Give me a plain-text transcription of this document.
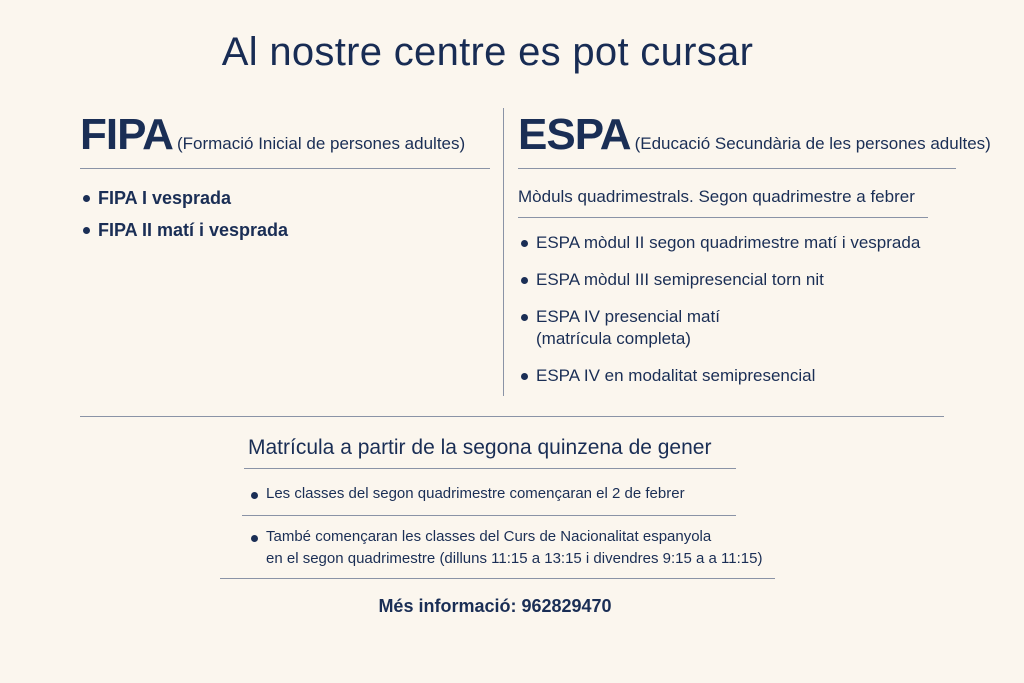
Al nostre centre es pot cursar
FIPA (Formació Inicial de persones adultes)
FIPA I vesprada
FIPA II matí i vesprada
ESPA (Educació Secundària de les persones adultes)
Mòduls quadrimestrals. Segon quadrimestre a febrer
ESPA mòdul II segon quadrimestre matí i vesprada
ESPA mòdul III semipresencial torn nit
ESPA IV presencial matí
(matrícula completa)
ESPA IV en modalitat semipresencial
Matrícula a partir de la segona quinzena de gener
Les classes del segon quadrimestre començaran el 2 de febrer
També començaran les classes del Curs de Nacionalitat espanyola
en el segon quadrimestre (dilluns 11:15 a 13:15 i divendres 9:15 a a 11:15)
Més informació: 962829470
